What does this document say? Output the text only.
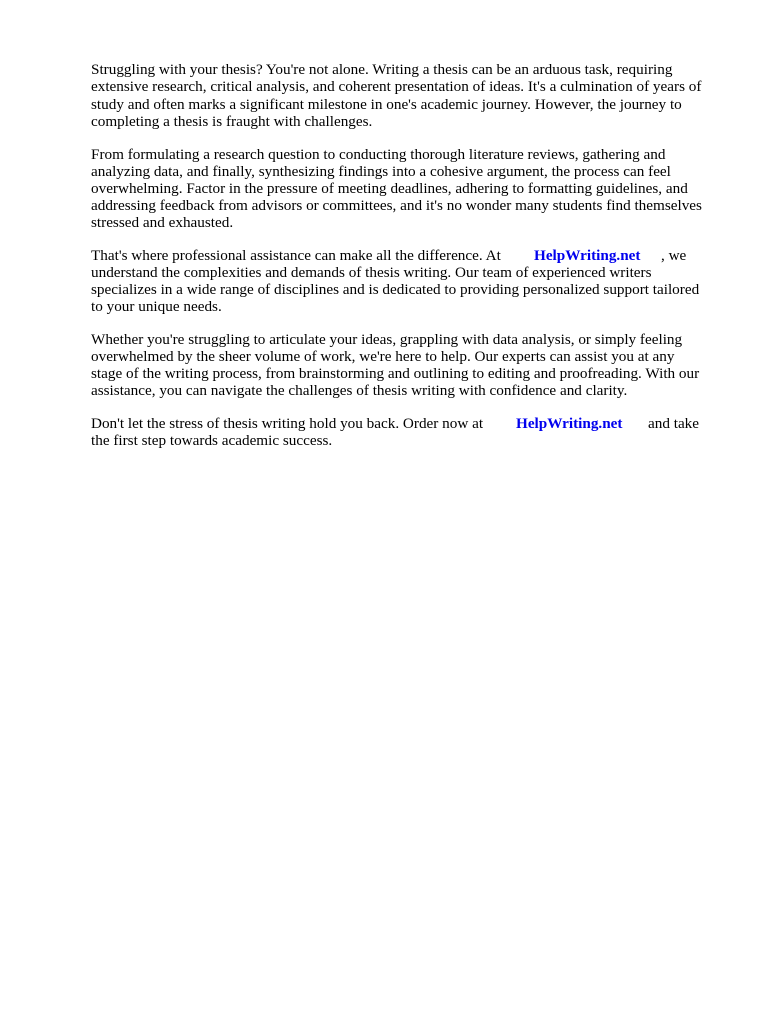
Struggling with your thesis? You're not alone. Writing a thesis can be an arduous task, requiring
extensive research, critical analysis, and coherent presentation of ideas. It's a culmination of years of
study and often marks a significant milestone in one's academic journey. However, the journey to
completing a thesis is fraught with challenges.
From formulating a research question to conducting thorough literature reviews, gathering and
analyzing data, and finally, synthesizing findings into a cohesive argument, the process can feel
overwhelming. Factor in the pressure of meeting deadlines, adhering to formatting guidelines, and
addressing feedback from advisors or committees, and it's no wonder many students find themselves
stressed and exhausted.
That's where professional assistance can make all the difference. At HelpWriting.net , we
understand the complexities and demands of thesis writing. Our team of experienced writers
specializes in a wide range of disciplines and is dedicated to providing personalized support tailored
to your unique needs.
Whether you're struggling to articulate your ideas, grappling with data analysis, or simply feeling
overwhelmed by the sheer volume of work, we're here to help. Our experts can assist you at any
stage of the writing process, from brainstorming and outlining to editing and proofreading. With our
assistance, you can navigate the challenges of thesis writing with confidence and clarity.
Don't let the stress of thesis writing hold you back. Order now at HelpWriting.net and take
the first step towards academic success.
